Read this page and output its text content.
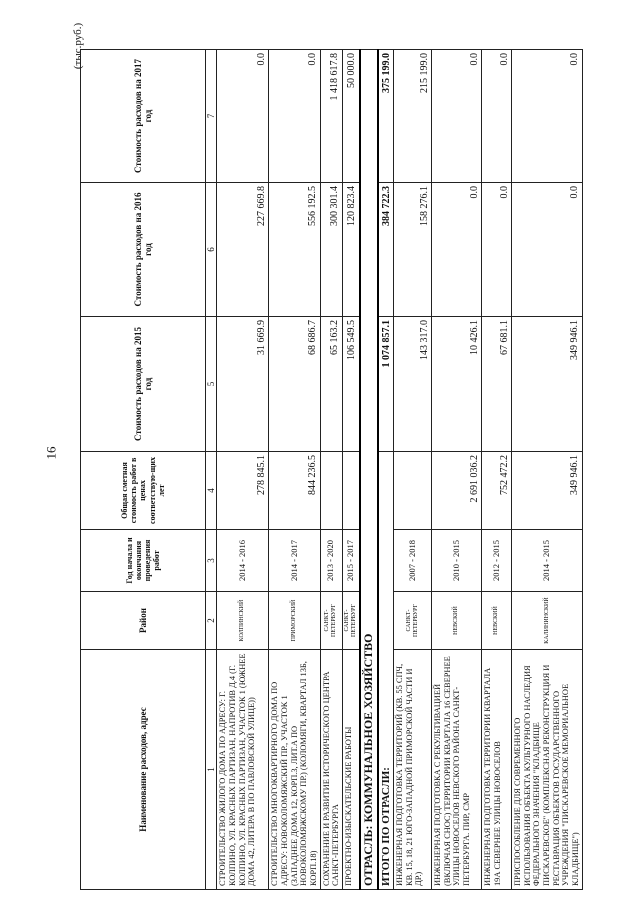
16
(тыс.руб.)
Наименование расходов, адрес	Район	Год начала и окончания проведения работ	Общая сметная стоимость работ в ценах соответствую-щих лет	Стоимость расходов на 2015 год	Стоимость расходов на 2016 год	Стоимость расходов на 2017 год
1	2	3	4	5	6	7
СТРОИТЕЛЬСТВО ЖИЛОГО ДОМА ПО АДРЕСУ: Г. КОЛПИНО, УЛ. КРАСНЫХ ПАРТИЗАН, НАПРОТИВ Д.4 (Г. КОЛПИНО, УЛ. КРАСНЫХ ПАРТИЗАН, УЧАСТОК 1 (ЮЖНЕЕ ДОМА 42, ЛИТЕРА В ПО ПАВЛОВСКОЙ УЛИЦЕ))	КОЛПИНСКИЙ	2014 - 2016	278 845.1	31 669.9	227 669.8	0.0
СТРОИТЕЛЬСТВО МНОГОКВАРТИРНОГО ДОМА ПО АДРЕСУ: НОВОКОЛОМЯЖСКИЙ ПР., УЧАСТОК 1 (ЗАПАДНЕЕ ДОМА 12, КОРП.3, ЛИТ.А ПО НОВОКОЛОМЯЖСКОМУ ПР.) (КОЛОМЯГИ, КВАРТАЛ 13Б, КОРП.18)	ПРИМОРСКИЙ	2014 - 2017	844 236.5	68 686.7	556 192.5	0.0
СОХРАНЕНИЕ И РАЗВИТИЕ ИСТОРИЧЕСКОГО ЦЕНТРА САНКТ-ПЕТЕРБУРГА	САНКТ-ПЕТЕРБУРГ	2013 - 2020		65 163.2	300 301.4	1 418 617.8
ПРОЕКТНО-ИЗЫСКАТЕЛЬСКИЕ РАБОТЫ	САНКТ-ПЕТЕРБУРГ	2015 - 2017		106 549.5	120 823.4	50 000.0
ОТРАСЛЬ: КОММУНАЛЬНОЕ ХОЗЯЙСТВО						
ИТОГО ПО ОТРАСЛИ:				1 074 857.1	384 722.3	375 199.0
ИНЖЕНЕРНАЯ ПОДГОТОВКА ТЕРРИТОРИЙ (КВ. 55 СПЧ, КВ. 15, 18, 21 ЮГО-ЗАПАДНОЙ ПРИМОРСКОЙ ЧАСТИ И ДР.)	САНКТ-ПЕТЕРБУРГ	2007 - 2018		143 317.0	158 276.1	215 199.0
ИНЖЕНЕРНАЯ ПОДГОТОВКА С РЕКУЛЬТИВАЦИЕЙ (ВКЛЮЧАЯ СНОС) ТЕРРИТОРИИ КВАРТАЛА 16 СЕВЕРНЕЕ УЛИЦЫ НОВОСЕЛОВ НЕВСКОГО РАЙОНА САНКТ-ПЕТЕРБУРГА. ПИР, СМР	НЕВСКИЙ	2010 - 2015	2 691 036.2	10 426.1	0.0	0.0
ИНЖЕНЕРНАЯ ПОДГОТОВКА ТЕРРИТОРИИ КВАРТАЛА 19А СЕВЕРНЕЕ УЛИЦЫ НОВОСЕЛОВ	НЕВСКИЙ	2012 - 2015	752 472.2	67 681.1	0.0	0.0
ПРИСПОСОБЛЕНИЕ ДЛЯ СОВРЕМЕННОГО ИСПОЛЬЗОВАНИЯ ОБЪЕКТА КУЛЬТУРНОГО НАСЛЕДИЯ ФЕДЕРАЛЬНОГО ЗНАЧЕНИЯ "КЛАДБИЩЕ ПИСКАРЕВСКОЕ" (КОМПЛЕКСНАЯ РЕКОНСТРУКЦИЯ И РЕСТАВРАЦИЯ ОБЪЕКТОВ ГОСУДАРСТВЕННОГО УЧРЕЖДЕНИЯ "ПИСКАРЕВСКОЕ МЕМОРИАЛЬНОЕ КЛАДБИЩЕ")	КАЛИНИНСКИЙ	2014 - 2015	349 946.1	349 946.1	0.0	0.0
